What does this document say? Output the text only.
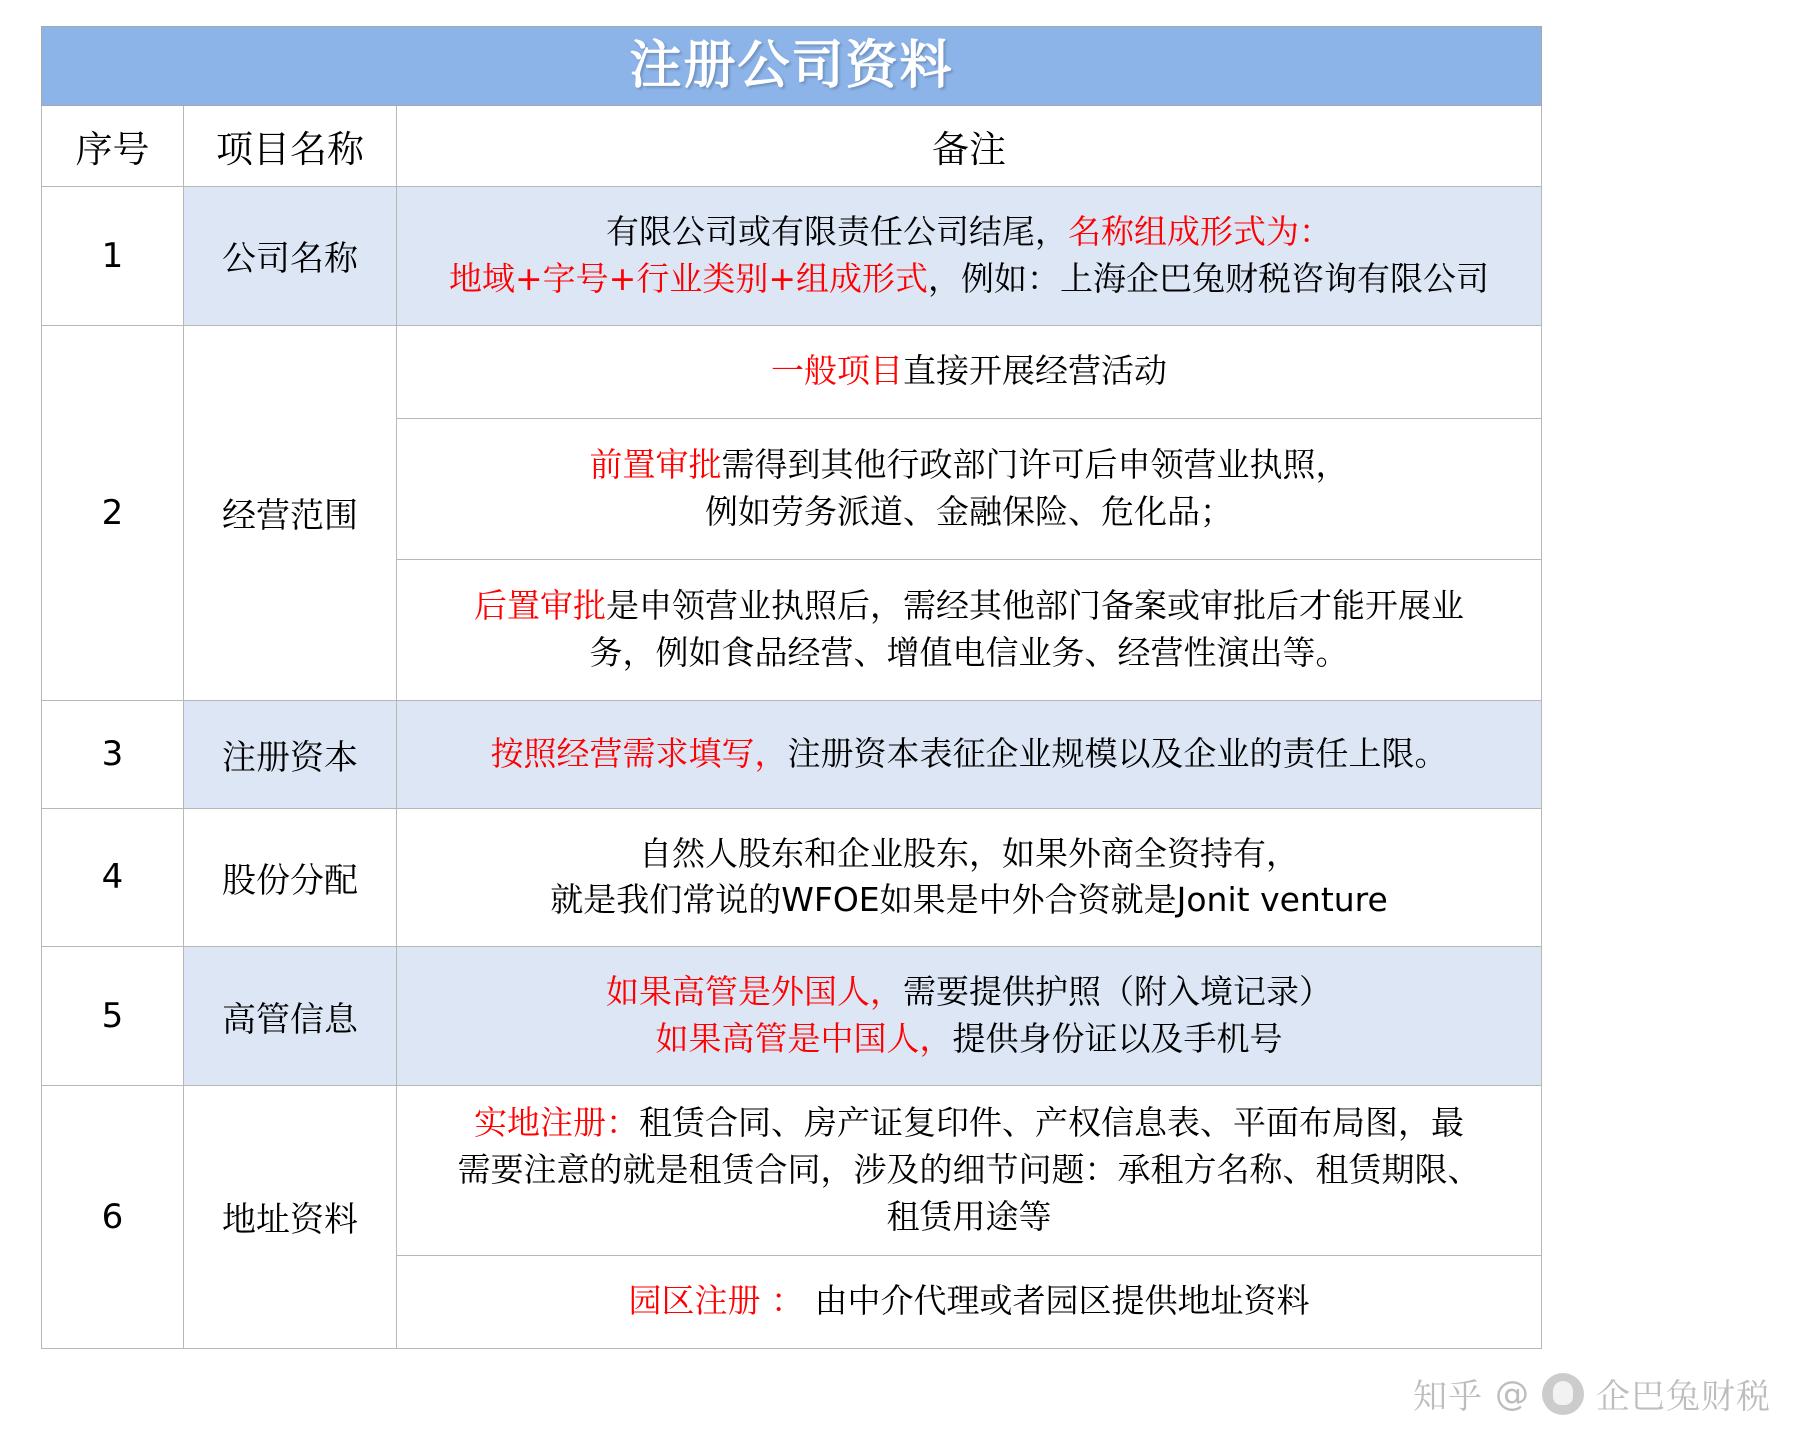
注册公司资料

序号	项目名称	备注
1	公司名称	
有限公司或有限责任公司结尾，名称组成形式为：
地域+字号+行业类别+组成形式，例如：上海企巴兔财税咨询有限公司

2	经营范围	
一般项目直接开展经营活动

前置审批需得到其他行政部门许可后申领营业执照，
例如劳务派道、金融保险、危化品；

后置审批是申领营业执照后，需经其他部门备案或审批后才能开展业
务，例如食品经营、增值电信业务、经营性演出等。

3	注册资本	按照经营需求填写，注册资本表征企业规模以及企业的责任上限。

4	股份分配	
自然人股东和企业股东，如果外商全资持有，
就是我们常说的WFOE如果是中外合资就是Jonit venture

5	高管信息	
如果高管是外国人，需要提供护照（附入境记录）
如果高管是中国人，提供身份证以及手机号

6	地址资料	
实地注册：租赁合同、房产证复印件、产权信息表、平面布局图，最
需要注意的就是租赁合同，涉及的细节问题：承租方名称、租赁期限、
租赁用途等

园区注册 ： 由中介代理或者园区提供地址资料
知乎 @ 企巴兔财税
